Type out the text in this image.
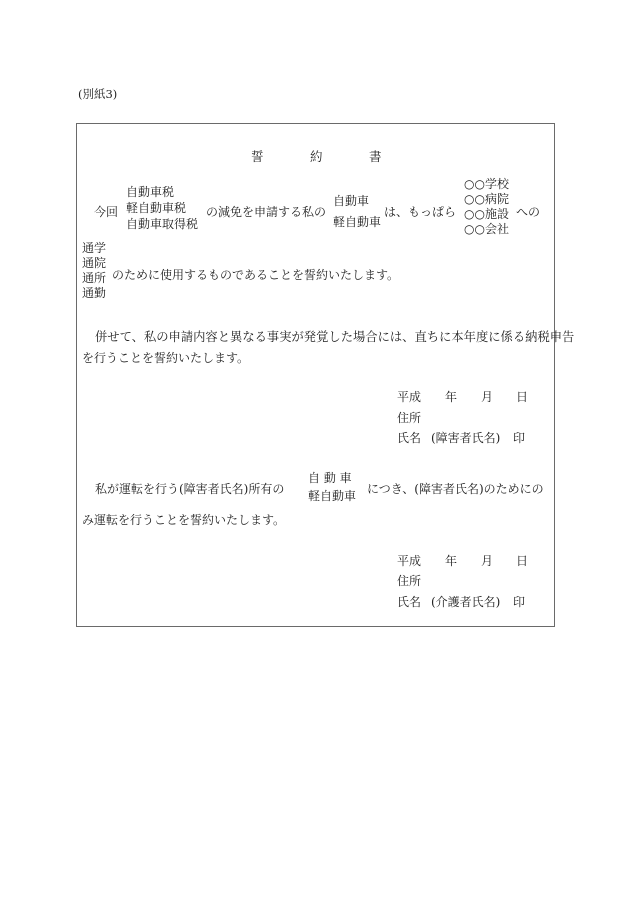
(別紙3)
誓	約	書
今回
自動車税
軽自動車税
自動車取得税
の減免を申請する私の
自動車
軽自動車
は、もっぱら
○○学校
○○病院
○○施設
○○会社
への
通学
通院
通所
通勤
のために使用するものであることを誓約いたします。
併せて、私の申請内容と異なる事実が発覚した場合には、直ちに本年度に係る納税申告
を行うことを誓約いたします。
平成 年 月 日
住所
氏名 (障害者氏名) 印
私が運転を行う(障害者氏名)所有の
自 動 車
軽自動車 につき、(障害者氏名)のためにの
み運転を行うことを誓約いたします。
平成 年 月 日
住所
氏名 (介護者氏名) 印
